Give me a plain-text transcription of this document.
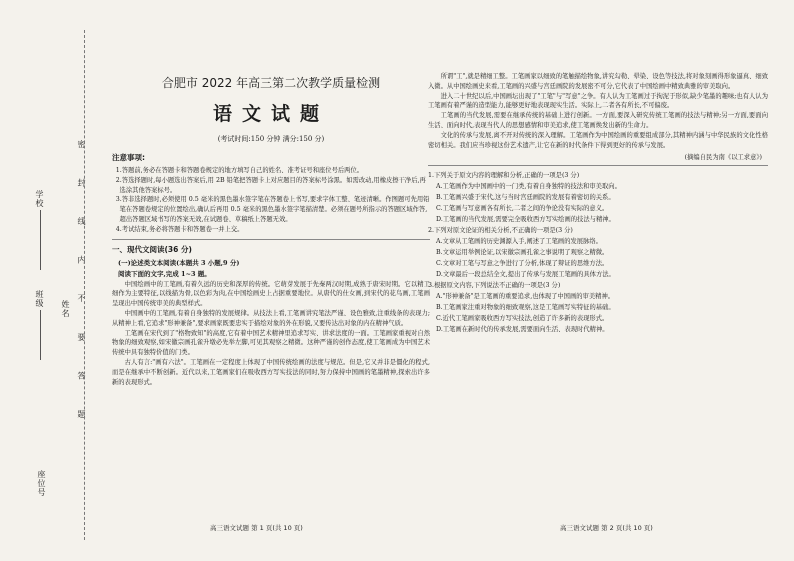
学校
班级
姓名
座位号
密 封 线 内 不 要 答 题
合肥市 2022 年高三第二次教学质量检测
语文试题
(考试时间:150 分钟 满分:150 分)
注意事项:

1.答题前,务必在答题卡和答题卷规定的地方填写自己的姓名、准考证号和座位号后两位。

2.答选择题时,每小题选出答案后,用 2B 铅笔把答题卡上对应题目的答案标号涂黑。如需改动,用橡皮擦干净后,再选涂其他答案标号。

3.答非选择题时,必须使用 0.5 毫米的黑色墨水签字笔在答题卷上书写,要求字体工整、笔迹清晰。作图题可先用铅笔在答题卷规定的位置绘出,确认后再用 0.5 毫米的黑色墨水签字笔描清楚。必须在题号所指示的答题区域作答,超出答题区域书写的答案无效,在试题卷、草稿纸上答题无效。

4.考试结束,务必将答题卡和答题卷一并上交。

一、现代文阅读(36 分)
(一)论述类文本阅读(本题共 3 小题,9 分)
阅读下面的文字,完成 1~3 题。

中国绘画中的工笔画,有着久远的历史和深厚的传统。它萌芽发展于先秦两汉时期,成熟于唐宋时期。它以精工细作为主要特征,以线描为骨,以色彩为肉,在中国绘画史上占据重要地位。从唐代的仕女画,到宋代的花鸟画,工笔画呈现出中国传统审美的典型样式。

中国画中的工笔画,有着自身独特的发展规律。从技法上看,工笔画讲究笔法严谨、设色雅致,注重线条的表现力;从精神上看,它追求"形神兼备",要求画家既要忠实于描绘对象的外在形貌,又要传达出对象的内在精神气质。

工笔画在宋代到了"格物致知"的高度,它有着中国艺术精神里追求写实、讲求法度的一面。工笔画家重视对自然物象的细致观察,如宋徽宗画孔雀升墩必先举左脚,可见其观察之精微。这种严谨的创作态度,使工笔画成为中国艺术传统中具有独特价值的门类。

古人有言:"画有六法"。工笔画在一定程度上体现了中国传统绘画的法度与规范。但是,它又并非是僵化的程式,而是在继承中不断创新。近代以来,工笔画家们在吸收西方写实技法的同时,努力保持中国画的笔墨精神,探索出许多新的表现形式。

所谓"工",就是精细工整。工笔画家以细致的笔触描绘物象,讲究勾勒、晕染、设色等技法,将对象刻画得形象逼真、细致入微。从中国绘画史来看,工笔画的兴盛与宫廷画院的发展密不可分,它代表了中国绘画中精致典雅的审美取向。

进入二十世纪以后,中国画坛出现了"工笔"与"写意"之争。有人认为工笔画过于拘泥于形似,缺少笔墨的趣味;也有人认为工笔画有着严谨的造型能力,能够更好地表现现实生活。实际上,二者各有所长,不可偏废。

工笔画的当代发展,需要在继承传统的基础上进行创新。一方面,要深入研究传统工笔画的技法与精神;另一方面,要面向生活、面向时代,表现当代人的思想感情和审美追求,使工笔画焕发出新的生命力。

文化的传承与发展,离不开对传统的深入理解。工笔画作为中国绘画的重要组成部分,其精神内涵与中华民族的文化性格密切相关。我们应当珍视这份艺术遗产,让它在新的时代条件下得到更好的传承与发展。

(摘编自民为南《以工求意》)

1.下列关于原文内容的理解和分析,正确的一项是(3 分)

A.工笔画作为中国画中的一门类,有着自身独特的技法和审美取向。

B.工笔画兴盛于宋代,这与当时宫廷画院的发展有着密切的关系。

C.工笔画与写意画各有所长,二者之间的争论没有实际的意义。

D.工笔画的当代发展,需要完全吸收西方写实绘画的技法与精神。

2.下列对原文论证的相关分析,不正确的一项是(3 分)

A.文章从工笔画的历史渊源入手,阐述了工笔画的发展脉络。

B.文章运用举例论证,以宋徽宗画孔雀之事说明了观察之精微。

C.文章对工笔与写意之争进行了分析,体现了辩证的思维方法。

D.文章最后一段总结全文,提出了传承与发展工笔画的具体方法。

3.根据原文内容,下列说法不正确的一项是(3 分)

A."形神兼备"是工笔画的重要追求,也体现了中国画的审美精神。

B.工笔画家注重对物象的细致观察,这是工笔画写实特征的基础。

C.近代工笔画家吸收西方写实技法,创造了许多新的表现形式。

D.工笔画在新时代的传承发展,需要面向生活、表现时代精神。

高三语文试题 第 1 页(共 10 页)	高三语文试题 第 2 页(共 10 页)
